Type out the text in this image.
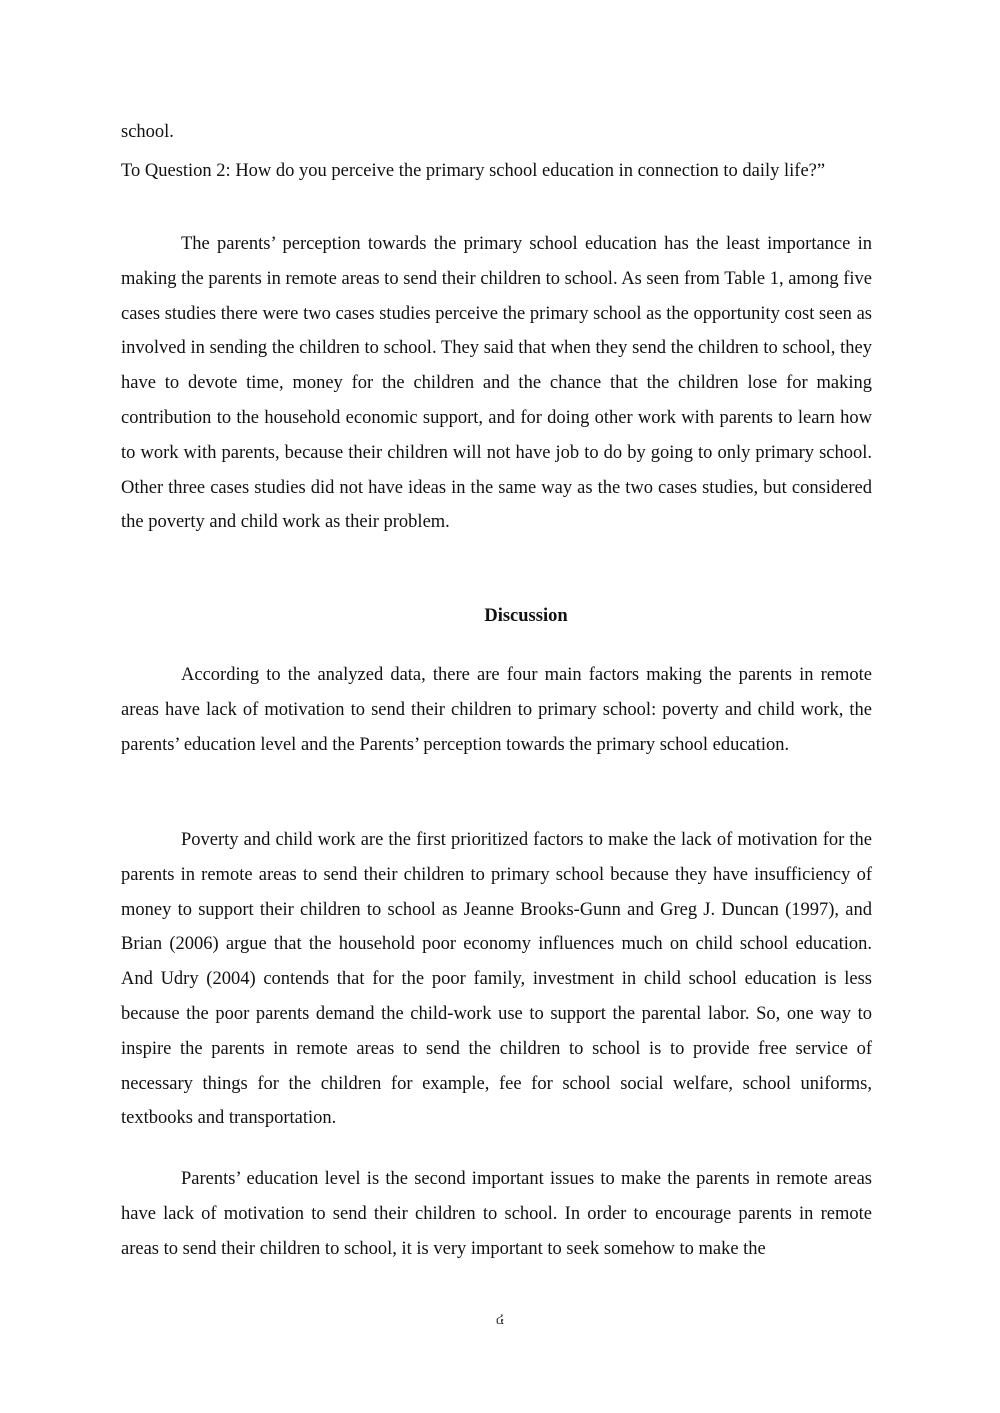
school.

To Question 2: How do you perceive the primary school education in connection to daily life?”

The parents’ perception towards the primary school education has the least importance in making the parents in remote areas to send their children to school. As seen from Table 1, among five cases studies there were two cases studies perceive the primary school as the opportunity cost seen as involved in sending the children to school. They said that when they send the children to school, they have to devote time, money for the children and the chance that the children lose for making contribution to the household economic support, and for doing other work with parents to learn how to work with parents, because their children will not have job to do by going to only primary school. Other three cases studies did not have ideas in the same way as the two cases studies, but considered the poverty and child work as their problem.

Discussion

According to the analyzed data, there are four main factors making the parents in remote areas have lack of motivation to send their children to primary school: poverty and child work, the parents’ education level and the Parents’ perception towards the primary school education.

Poverty and child work are the first prioritized factors to make the lack of motivation for the parents in remote areas to send their children to primary school because they have insufficiency of money to support their children to school as Jeanne Brooks-Gunn and Greg J. Duncan (1997), and Brian (2006) argue that the household poor economy influences much on child school education. And Udry (2004) contends that for the poor family, investment in child school education is less because the poor parents demand the child-work use to support the parental labor. So, one way to inspire the parents in remote areas to send the children to school is to provide free service of necessary things for the children for example, fee for school social welfare, school uniforms, textbooks and transportation.

Parents’ education level is the second important issues to make the parents in remote areas have lack of motivation to send their children to school. In order to encourage parents in remote areas to send their children to school, it is very important to seek somehow to make the

៤
